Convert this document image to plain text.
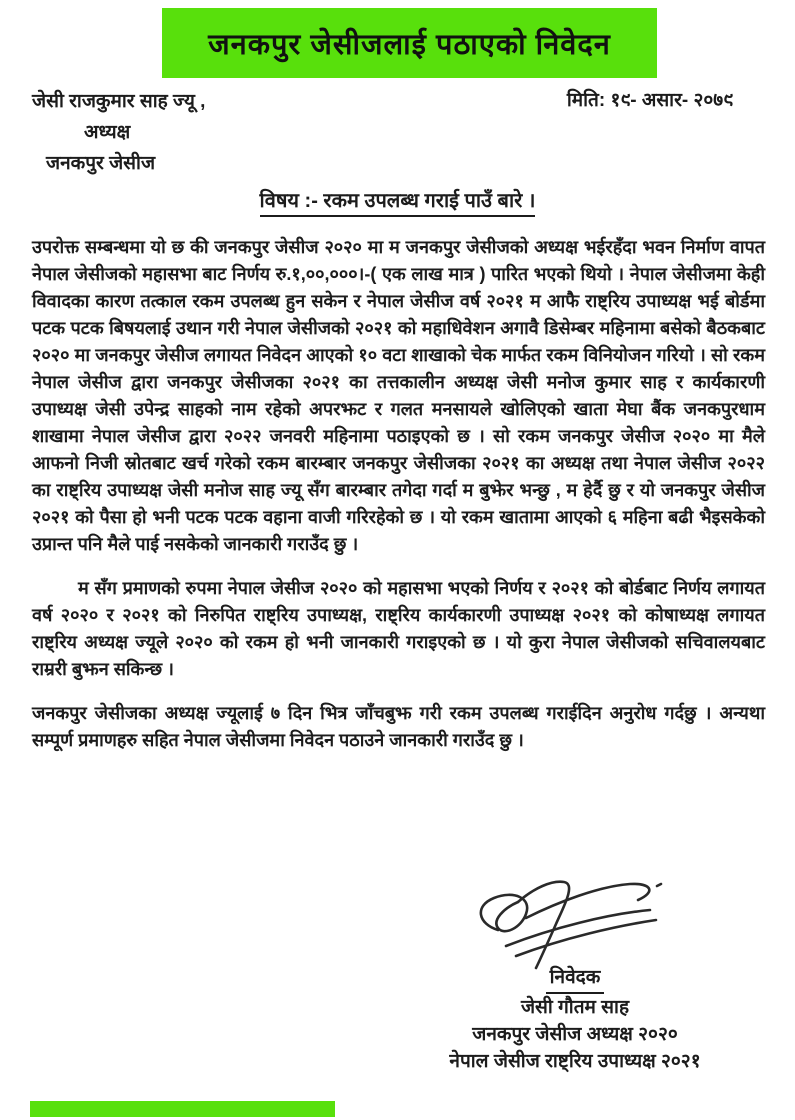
जनकपुर जेसीजलाई पठाएको निवेदन
जेसी राजकुमार साह ज्यू ,
अध्यक्ष
जनकपुर जेसीज
मिति: १९- असार- २०७९
विषय :- रकम उपलब्ध गराई पाउँ बारे ।

उपरोक्त सम्बन्धमा यो छ की जनकपुर जेसीज २०२० मा म जनकपुर जेसीजको अध्यक्ष भईरहँदा भवन निर्माण वापत नेपाल जेसीजको महासभा बाट निर्णय रु.१,००,०००।-( एक लाख मात्र ) पारित भएको थियो । नेपाल जेसीजमा केही विवादका कारण तत्काल रकम उपलब्ध हुन सकेन र नेपाल जेसीज वर्ष २०२१ म आफै राष्ट्रिय उपाध्यक्ष भई बोर्डमा पटक पटक बिषयलाई उथान गरी नेपाल जेसीजको २०२१ को महाधिवेशन अगावै डिसेम्बर महिनामा बसेको बैठकबाट २०२० मा जनकपुर जेसीज लगायत निवेदन आएको १० वटा शाखाको चेक मार्फत रकम विनियोजन गरियो । सो रकम नेपाल जेसीज द्वारा जनकपुर जेसीजका २०२१ का तत्तकालीन अध्यक्ष जेसी मनोज कुमार साह र कार्यकारणी उपाध्यक्ष जेसी उपेन्द्र साहको नाम रहेको अपरझट र गलत मनसायले खोलिएको खाता मेघा बैंक जनकपुरधाम शाखामा नेपाल जेसीज द्वारा २०२२ जनवरी महिनामा पठाइएको छ । सो रकम जनकपुर जेसीज २०२० मा मैले आफनो निजी स्रोतबाट खर्च गरेको रकम बारम्बार जनकपुर जेसीजका २०२१ का अध्यक्ष तथा नेपाल जेसीज २०२२ का राष्ट्रिय उपाध्यक्ष जेसी मनोज साह ज्यू सँग बारम्बार तगेदा गर्दा म बुझेर भन्छु , म हेर्दै छु र यो जनकपुर जेसीज २०२१ को पैसा हो भनी पटक पटक वहाना वाजी गरिरहेको छ । यो रकम खातामा आएको ६ महिना बढी भैइसकेको उप्रान्त पनि मैले पाई नसकेको जानकारी गराउँद छु ।

म सँग प्रमाणको रुपमा नेपाल जेसीज २०२० को महासभा भएको निर्णय र २०२१ को बोर्डबाट निर्णय लगायत वर्ष २०२० र २०२१ को निरुपित राष्ट्रिय उपाध्यक्ष, राष्ट्रिय कार्यकारणी उपाध्यक्ष २०२१ को कोषाध्यक्ष लगायत राष्ट्रिय अध्यक्ष ज्यूले २०२० को रकम हो भनी जानकारी गराइएको छ । यो कुरा नेपाल जेसीजको सचिवालयबाट राम्ररी बुझन सकिन्छ ।

जनकपुर जेसीजका अध्यक्ष ज्यूलाई ७ दिन भित्र जाँचबुझ गरी रकम उपलब्ध गराईदिन अनुरोध गर्दछु । अन्यथा सम्पूर्ण प्रमाणहरु सहित नेपाल जेसीजमा निवेदन पठाउने जानकारी गराउँद छु ।

निवेदक
जेसी गौतम साह
जनकपुर जेसीज अध्यक्ष २०२०
नेपाल जेसीज राष्ट्रिय उपाध्यक्ष २०२१
